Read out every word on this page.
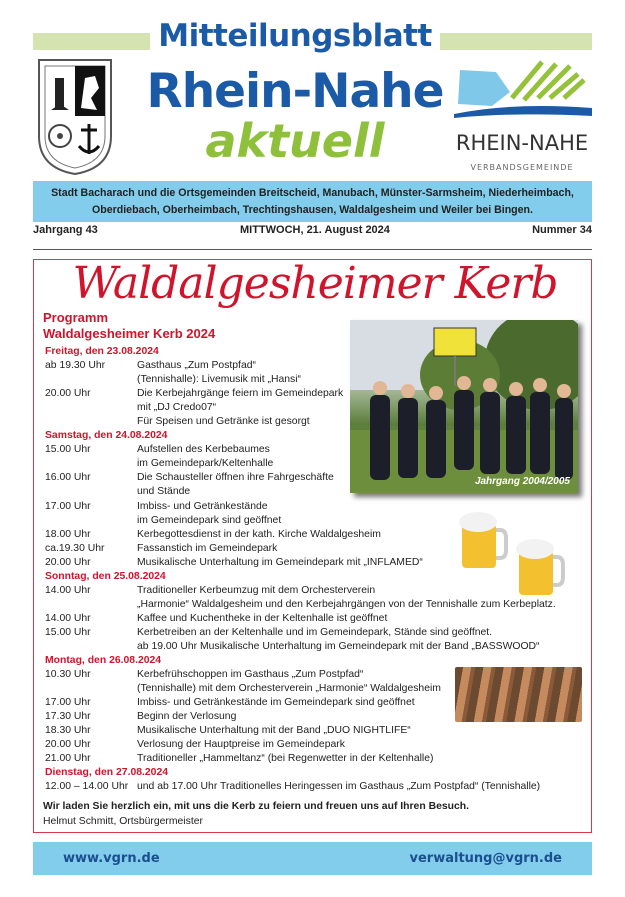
Mitteilungsblatt
Rhein-Nahe
aktuell	RHEIN-NAHE
VERBANDSGEMEINDE
Stadt Bacharach und die Ortsgemeinden Breitscheid, Manubach, Münster-Sarmsheim, Niederheimbach,
Oberdiebach, Oberheimbach, Trechtingshausen, Waldalgesheim und Weiler bei Bingen.
Jahrgang 43	MITTWOCH, 21. August 2024	Nummer 34
Waldalgesheimer Kerb
Programm
Waldalgesheimer Kerb 2024
Freitag, den 23.08.2024
ab 19.30 Uhr	Gasthaus „Zum Postpfad“
(Tennishalle): Livemusik mit „Hansi“
20.00 Uhr	Die Kerbejahrgänge feiern im Gemeindepark
mit „DJ Credo07“
Für Speisen und Getränke ist gesorgt
Samstag, den 24.08.2024
15.00 Uhr	Aufstellen des Kerbebaumes
im Gemeindepark/Keltenhalle
16.00 Uhr	Die Schausteller öffnen ihre Fahrgeschäfte
und Stände
17.00 Uhr	Imbiss- und Getränkestände
im Gemeindepark sind geöffnet
18.00 Uhr	Kerbegottesdienst in der kath. Kirche Waldalgesheim
ca.19.30 Uhr	Fassanstich im Gemeindepark
20.00 Uhr	Musikalische Unterhaltung im Gemeindepark mit „INFLAMED“
Sonntag, den 25.08.2024
14.00 Uhr	Traditioneller Kerbeumzug mit dem Orchesterverein
„Harmonie“ Waldalgesheim und den Kerbejahrgängen von der Tennishalle zum Kerbeplatz.
14.00 Uhr	Kaffee und Kuchentheke in der Keltenhalle ist geöffnet
15.00 Uhr	Kerbetreiben an der Keltenhalle und im Gemeindepark, Stände sind geöffnet.
ab 19.00 Uhr Musikalische Unterhaltung im Gemeindepark mit der Band „BASSWOOD“
Montag, den 26.08.2024
10.30 Uhr	Kerbefrühschoppen im Gasthaus „Zum Postpfad“
(Tennishalle) mit dem Orchesterverein „Harmonie“ Waldalgesheim
17.00 Uhr	Imbiss- und Getränkestände im Gemeindepark sind geöffnet
17.30 Uhr	Beginn der Verlosung
18.30 Uhr	Musikalische Unterhaltung mit der Band „DUO NIGHTLIFE“
20.00 Uhr	Verlosung der Hauptpreise im Gemeindepark
21.00 Uhr	Traditioneller „Hammeltanz“ (bei Regenwetter in der Keltenhalle)
Dienstag, den 27.08.2024
12.00 – 14.00 Uhr und ab 17.00 Uhr Traditionelles Heringessen im Gasthaus „Zum Postpfad“ (Tennishalle)
Jahrgang 2004/2005
Wir laden Sie herzlich ein, mit uns die Kerb zu feiern und freuen uns auf Ihren Besuch.
Helmut Schmitt, Ortsbürgermeister
www.vgrn.de	verwaltung@vgrn.de
